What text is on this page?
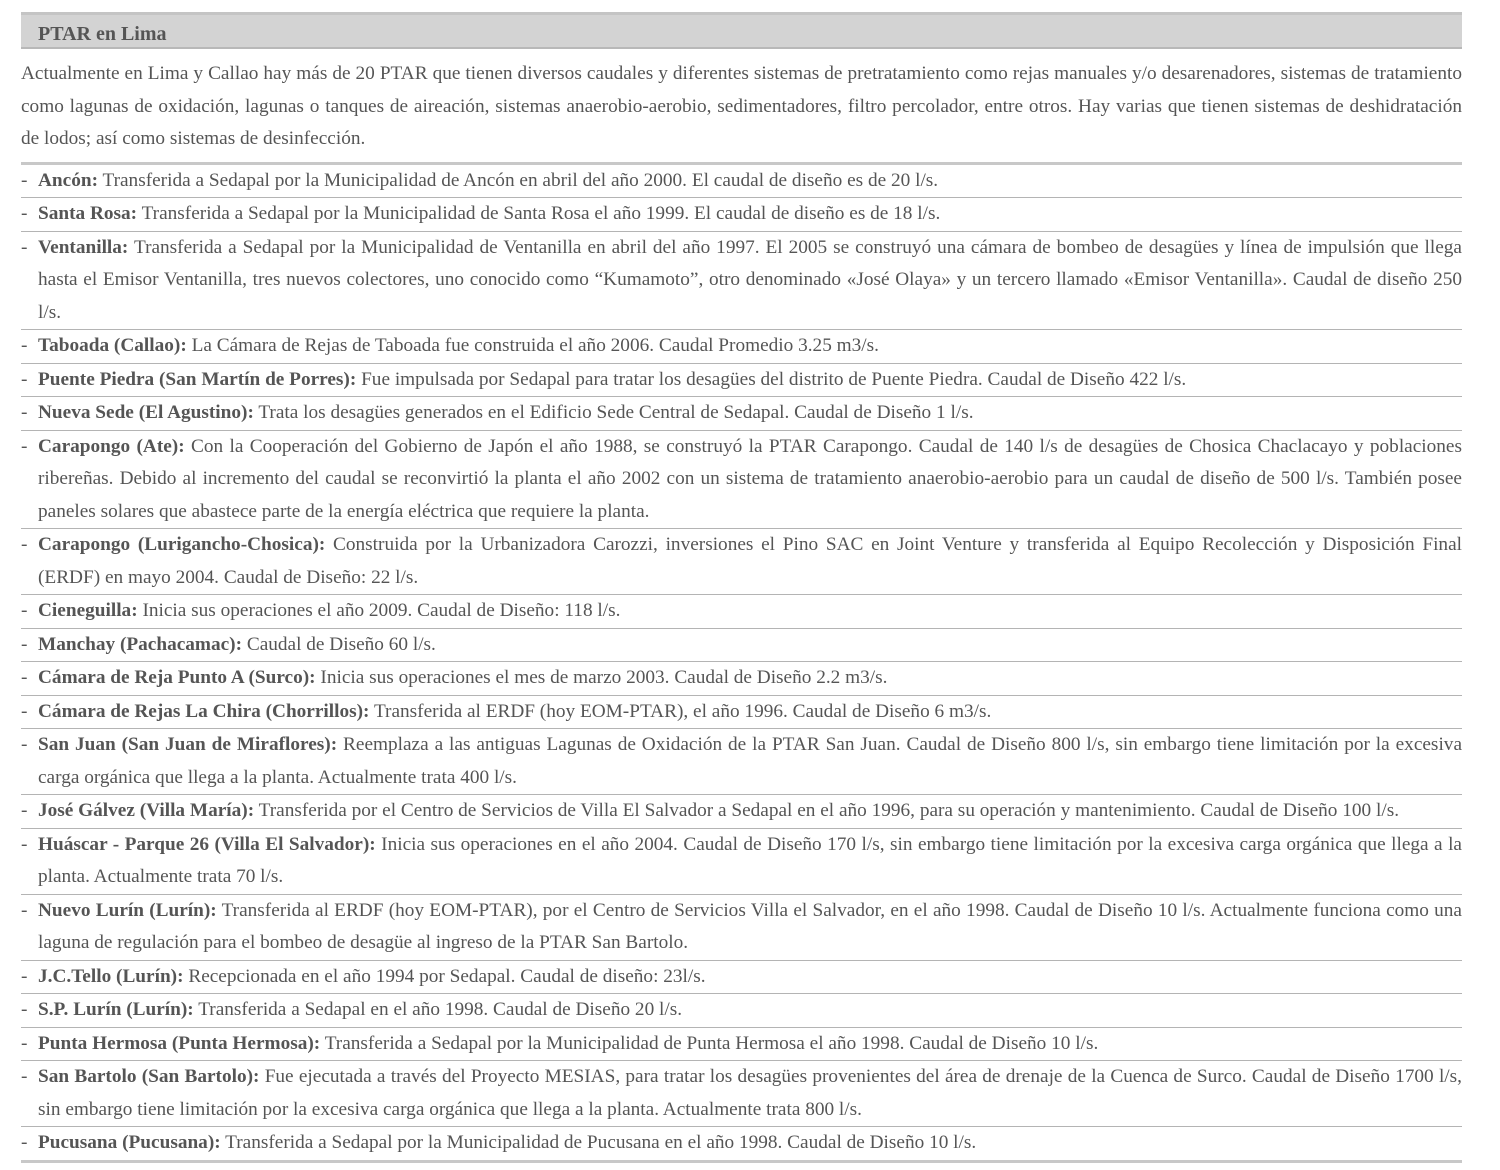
PTAR en Lima
Actualmente en Lima y Callao hay más de 20 PTAR que tienen diversos caudales y diferentes sistemas de pretratamiento como rejas manuales y/o desarenadores, sistemas de tratamiento como lagunas de oxidación, lagunas o tanques de aireación, sistemas anaerobio-aerobio, sedimentadores, filtro percolador, entre otros. Hay varias que tienen sistemas de deshidratación de lodos; así como sistemas de desinfección.
- Ancón: Transferida a Sedapal por la Municipalidad de Ancón en abril del año 2000. El caudal de diseño es de 20 l/s.
- Santa Rosa: Transferida a Sedapal por la Municipalidad de Santa Rosa el año 1999. El caudal de diseño es de 18 l/s.
- Ventanilla: Transferida a Sedapal por la Municipalidad de Ventanilla en abril del año 1997. El 2005 se construyó una cámara de bombeo de desagües y línea de impulsión que llega hasta el Emisor Ventanilla, tres nuevos colectores, uno conocido como “Kumamoto”, otro denominado «José Olaya» y un tercero llamado «Emisor Ventanilla». Caudal de diseño 250 l/s.
- Taboada (Callao): La Cámara de Rejas de Taboada fue construida el año 2006. Caudal Promedio 3.25 m3/s.
- Puente Piedra (San Martín de Porres): Fue impulsada por Sedapal para tratar los desagües del distrito de Puente Piedra. Caudal de Diseño 422 l/s.
- Nueva Sede (El Agustino): Trata los desagües generados en el Edificio Sede Central de Sedapal. Caudal de Diseño 1 l/s.
- Carapongo (Ate): Con la Cooperación del Gobierno de Japón el año 1988, se construyó la PTAR Carapongo. Caudal de 140 l/s de desagües de Chosica Chaclacayo y poblaciones ribereñas. Debido al incremento del caudal se reconvirtió la planta el año 2002 con un sistema de tratamiento anaerobio-aerobio para un caudal de diseño de 500 l/s. También posee paneles solares que abastece parte de la energía eléctrica que requiere la planta.
- Carapongo (Lurigancho-Chosica): Construida por la Urbanizadora Carozzi, inversiones el Pino SAC en Joint Venture y transferida al Equipo Recolección y Disposición Final (ERDF) en mayo 2004. Caudal de Diseño: 22 l/s.
- Cieneguilla: Inicia sus operaciones el año 2009. Caudal de Diseño: 118 l/s.
- Manchay (Pachacamac): Caudal de Diseño 60 l/s.
- Cámara de Reja Punto A (Surco): Inicia sus operaciones el mes de marzo 2003. Caudal de Diseño 2.2 m3/s.
- Cámara de Rejas La Chira (Chorrillos): Transferida al ERDF (hoy EOM-PTAR), el año 1996. Caudal de Diseño 6 m3/s.
- San Juan (San Juan de Miraflores): Reemplaza a las antiguas Lagunas de Oxidación de la PTAR San Juan. Caudal de Diseño 800 l/s, sin embargo tiene limitación por la excesiva carga orgánica que llega a la planta. Actualmente trata 400 l/s.
- José Gálvez (Villa María): Transferida por el Centro de Servicios de Villa El Salvador a Sedapal en el año 1996, para su operación y mantenimiento. Caudal de Diseño 100 l/s.
- Huáscar - Parque 26 (Villa El Salvador): Inicia sus operaciones en el año 2004. Caudal de Diseño 170 l/s, sin embargo tiene limitación por la excesiva carga orgánica que llega a la planta. Actualmente trata 70 l/s.
- Nuevo Lurín (Lurín): Transferida al ERDF (hoy EOM-PTAR), por el Centro de Servicios Villa el Salvador, en el año 1998. Caudal de Diseño 10 l/s. Actualmente funciona como una laguna de regulación para el bombeo de desagüe al ingreso de la PTAR San Bartolo.
- J.C.Tello (Lurín): Recepcionada en el año 1994 por Sedapal. Caudal de diseño: 23l/s.
- S.P. Lurín (Lurín): Transferida a Sedapal en el año 1998. Caudal de Diseño 20 l/s.
- Punta Hermosa (Punta Hermosa): Transferida a Sedapal por la Municipalidad de Punta Hermosa el año 1998. Caudal de Diseño 10 l/s.
- San Bartolo (San Bartolo): Fue ejecutada a través del Proyecto MESIAS, para tratar los desagües provenientes del área de drenaje de la Cuenca de Surco. Caudal de Diseño 1700 l/s, sin embargo tiene limitación por la excesiva carga orgánica que llega a la planta. Actualmente trata 800 l/s.
- Pucusana (Pucusana): Transferida a Sedapal por la Municipalidad de Pucusana en el año 1998. Caudal de Diseño 10 l/s.
